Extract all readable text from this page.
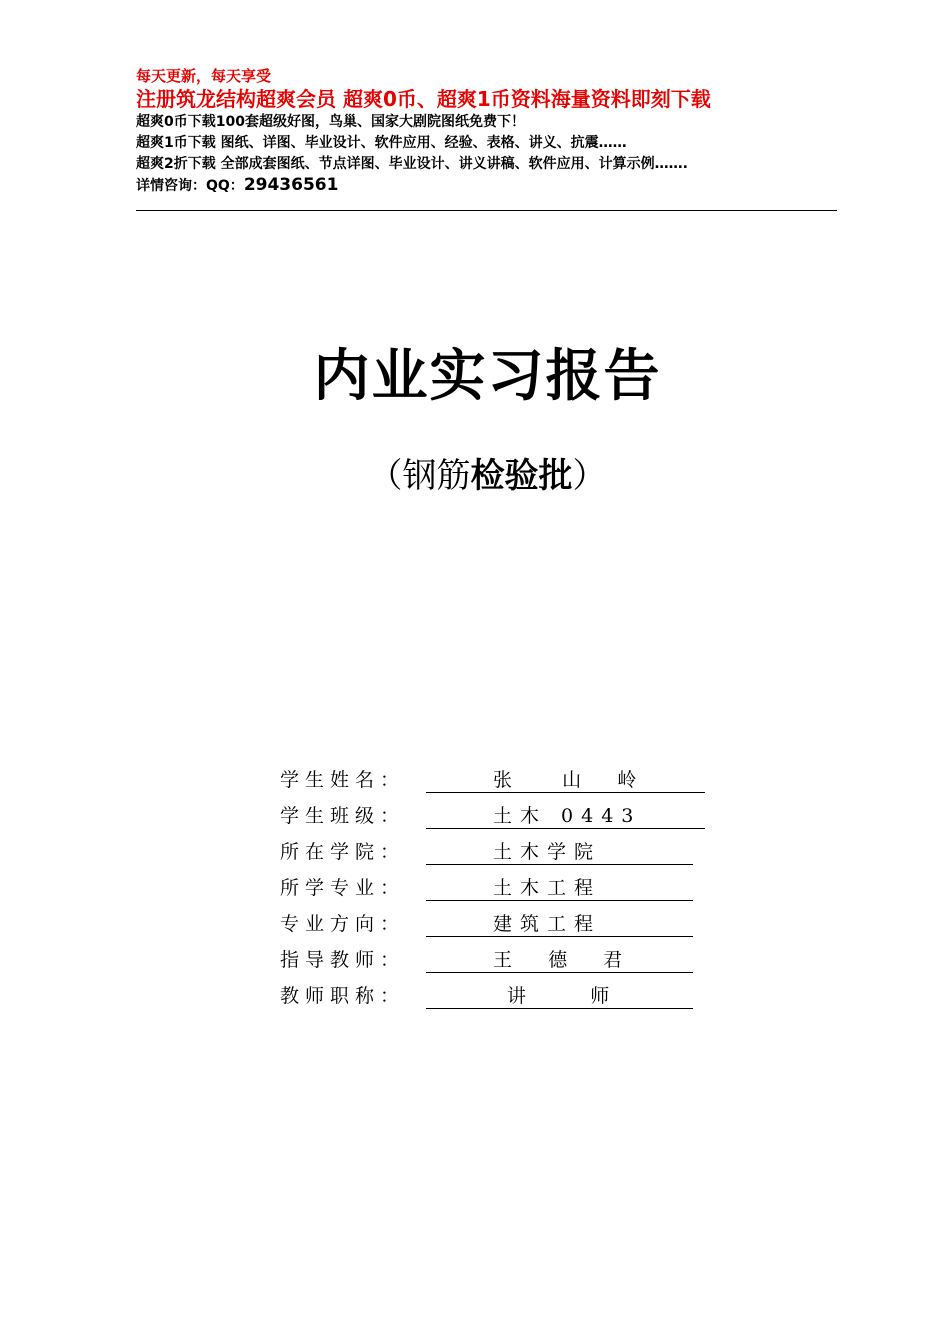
每天更新，每天享受
注册筑龙结构超爽会员 超爽0币、超爽1币资料海量资料即刻下载
超爽0币下载100套超级好图，鸟巢、国家大剧院图纸免费下！
超爽1币下载 图纸、详图、毕业设计、软件应用、经验、表格、讲义、抗震……
超爽2折下载 全部成套图纸、节点详图、毕业设计、讲义讲稿、软件应用、计算示例…….
详情咨询：QQ：29436561
内业实习报告
（钢筋检验批）
学生姓名：	张   山  岭
学生班级：	土木 0443
所在学院：	土木学院
所学专业：	土木工程
专业方向：	建筑工程
指导教师：	王  德  君
教师职称：	讲    师
